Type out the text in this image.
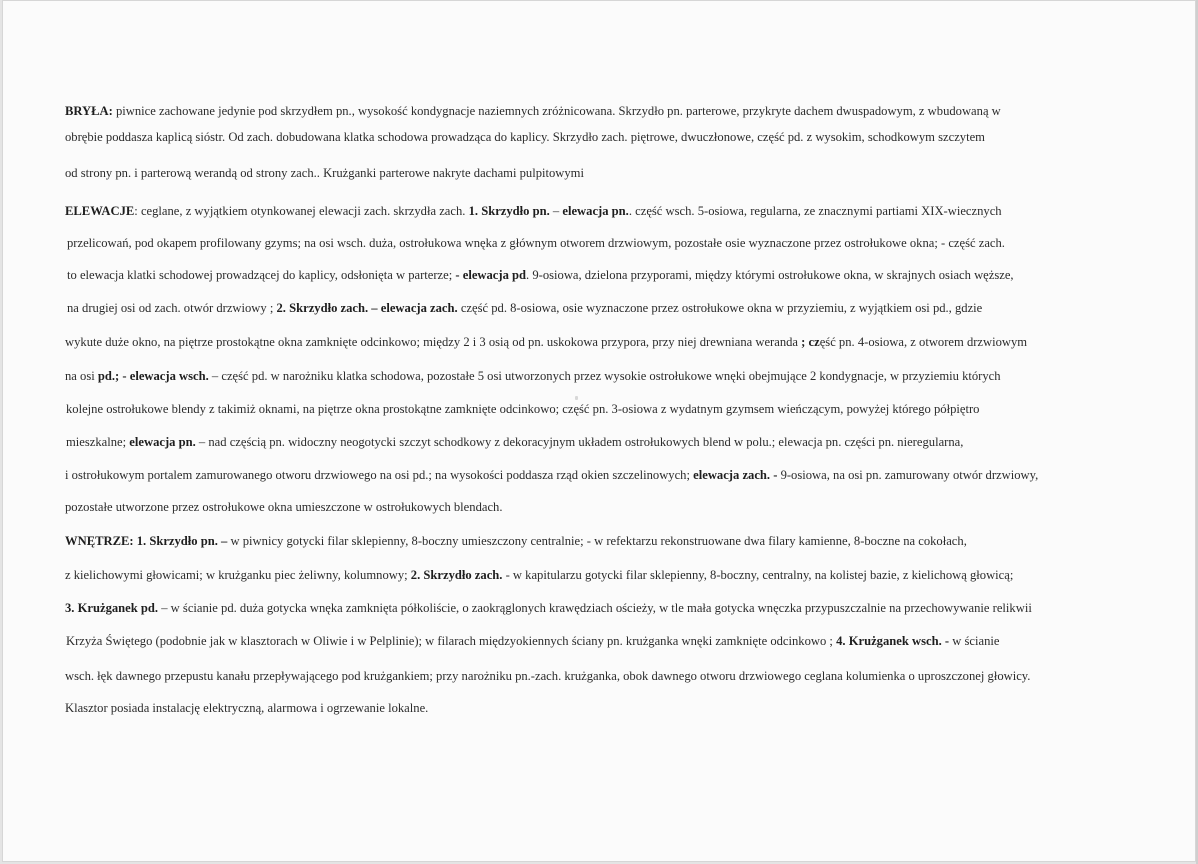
BRYŁA: piwnice zachowane jedynie pod skrzydłem pn., wysokość kondygnacje naziemnych zróżnicowana. Skrzydło pn. parterowe, przykryte dachem dwuspadowym, z wbudowaną w
obrębie poddasza kaplicą sióstr. Od zach. dobudowana klatka schodowa prowadząca do kaplicy. Skrzydło zach. piętrowe, dwuczłonowe, część pd. z wysokim, schodkowym szczytem
od strony pn. i parterową werandą od strony zach.. Krużganki parterowe nakryte dachami pulpitowymi
ELEWACJE: ceglane, z wyjątkiem otynkowanej elewacji zach. skrzydła zach. 1. Skrzydło pn. – elewacja pn.. część wsch. 5-osiowa, regularna, ze znacznymi partiami XIX-wiecznych
przelicowań, pod okapem profilowany gzyms; na osi wsch. duża, ostrołukowa wnęka z głównym otworem drzwiowym, pozostałe osie wyznaczone przez ostrołukowe okna; - część zach.
to elewacja klatki schodowej prowadzącej do kaplicy, odsłonięta w parterze; - elewacja pd. 9-osiowa, dzielona przyporami, między którymi ostrołukowe okna, w skrajnych osiach węższe,
na drugiej osi od zach. otwór drzwiowy ; 2. Skrzydło zach. – elewacja zach. część pd. 8-osiowa, osie wyznaczone przez ostrołukowe okna w przyziemiu, z wyjątkiem osi pd., gdzie
wykute duże okno, na piętrze prostokątne okna zamknięte odcinkowo; między 2 i 3 osią od pn. uskokowa przypora, przy niej drewniana weranda ; część pn. 4-osiowa, z otworem drzwiowym
na osi pd.; - elewacja wsch. – część pd. w narożniku klatka schodowa, pozostałe 5 osi utworzonych przez wysokie ostrołukowe wnęki obejmujące 2 kondygnacje, w przyziemiu których
kolejne ostrołukowe blendy z takimiż okn​ami, na piętrze okna prostokątne zamknięte odcinkowo; część pn. 3-osiowa z wydatnym gzymsem wieńczącym, powyżej którego półpiętro
mieszkalne; elewacja pn. – nad częścią pn. widoczny neogotycki szczyt schodkowy z dekoracyjnym układem ostrołukowych blend w polu.; elewacja pn. części pn. nieregularna,
i ostrołukowym portalem zamurowanego otworu drzwiowego na osi pd.; na wysokości poddasza rząd okien szczelinowych; elewacja zach. - 9-osiowa, na osi pn. zamurowany otwór drzwiowy,
pozostałe utworzone przez ostrołukowe okna umieszczone w ostrołukowych blendach.
WNĘTRZE: 1. Skrzydło pn. – w piwnicy gotycki filar sklepienny, 8-boczny umieszczony centralnie; - w refektarzu rekonstruowane dwa filary kamienne, 8-boczne na cokołach,
z kielichowymi głowicami; w krużganku piec żeliwny, kolumnowy; 2. Skrzydło zach. - w kapitularzu gotycki filar sklepienny, 8-boczny, centralny, na kolistej bazie, z kielichową głowicą;
3. Krużganek pd. – w ścianie pd. duża gotycka wnęka zamknięta półkoliście, o zaokrąglonych krawędziach ościeży, w tle mała gotycka wnęczka przypuszczalnie na przechowywanie relikwii
Krzyża Świętego (podobnie jak w klasztorach w Oliwie i w Pelplinie); w filarach międzyokiennych ściany pn. krużganka wnęki zamknięte odcinkowo ; 4. Krużganek wsch. - w ścianie
wsch. łęk dawnego przepustu kanału przepływającego pod krużgankiem; przy narożniku pn.-zach. krużganka, obok dawnego otworu drzwiowego ceglana kolumienka o uproszczonej głowicy.
Klasztor posiada instalację elektryczną, alarmowa i ogrzewanie lokalne.
